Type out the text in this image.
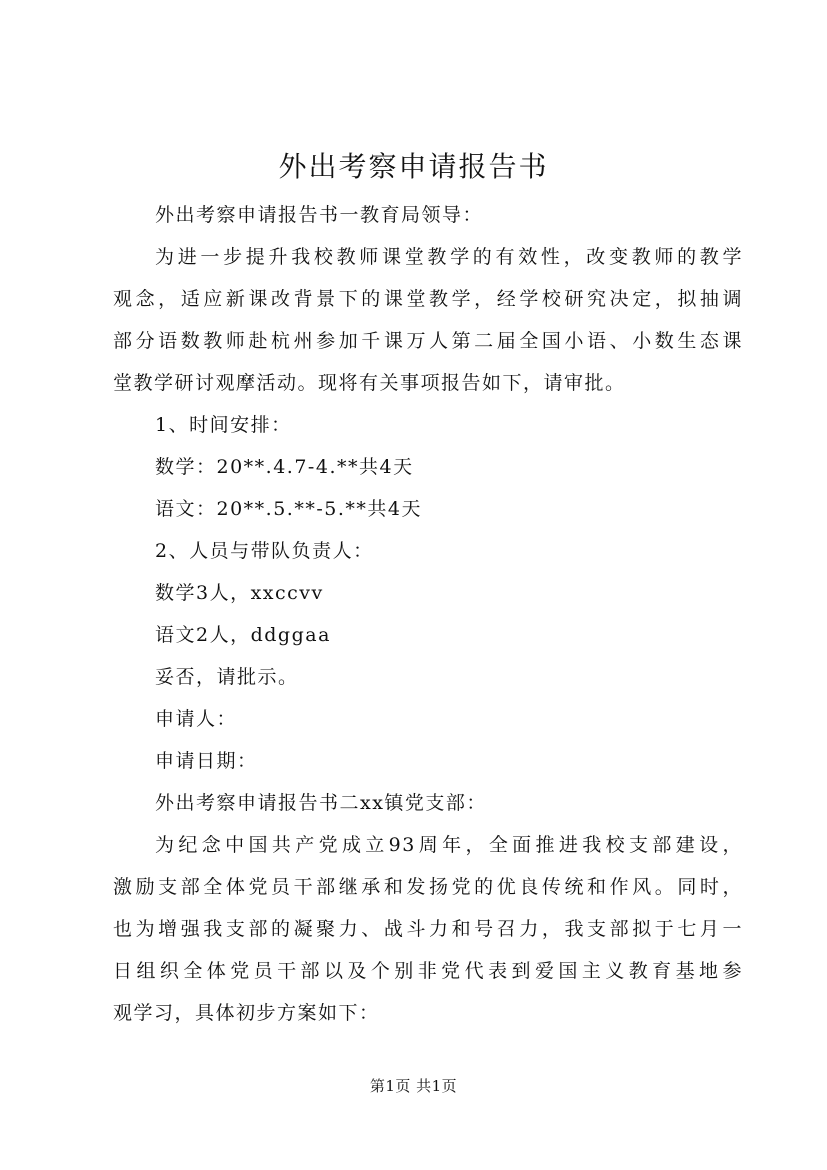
外出考察申请报告书
外出考察申请报告书一教育局领导：
为进一步提升我校教师课堂教学的有效性，改变教师的教学
观念，适应新课改背景下的课堂教学，经学校研究决定，拟抽调
部分语数教师赴杭州参加千课万人第二届全国小语、小数生态课
堂教学研讨观摩活动。现将有关事项报告如下，请审批。
1、时间安排：
数学：20**.4.7-4.**共4天
语文：20**.5.**-5.**共4天
2、人员与带队负责人：
数学3人，xxccvv
语文2人，ddggaa
妥否，请批示。
申请人：
申请日期：
外出考察申请报告书二xx镇党支部：
为纪念中国共产党成立93周年，全面推进我校支部建设，
激励支部全体党员干部继承和发扬党的优良传统和作风。同时，
也为增强我支部的凝聚力、战斗力和号召力，我支部拟于七月一
日组织全体党员干部以及个别非党代表到爱国主义教育基地参
观学习，具体初步方案如下：
第1页 共1页
